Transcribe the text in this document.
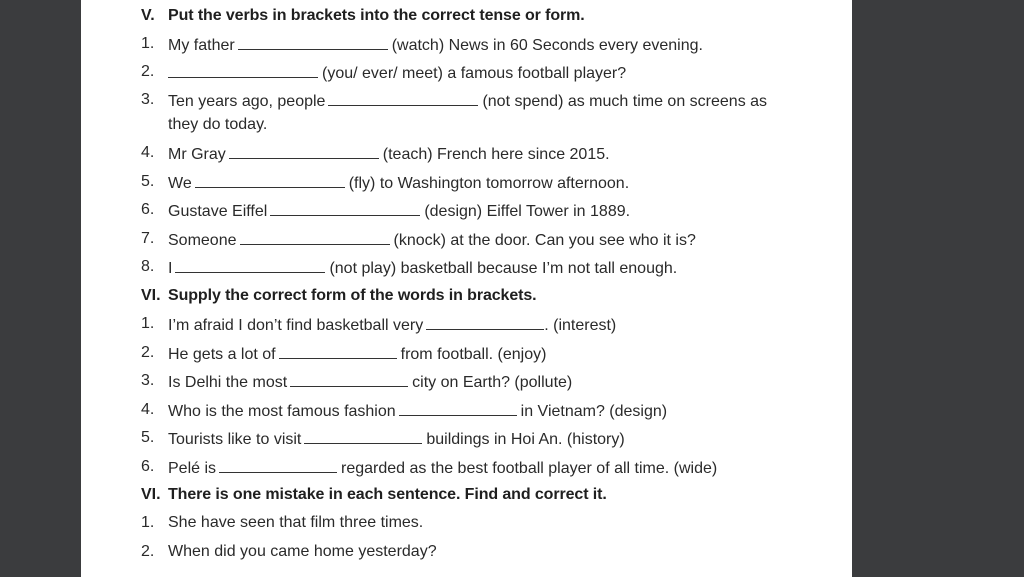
V. Put the verbs in brackets into the correct tense or form.
1. My father	(watch) News in 60 Seconds every evening.
2.	(you/ ever/ meet) a famous football player?
3. Ten years ago, people	(not spend) as much time on screens as
they do today.
4. Mr Gray	(teach) French here since 2015.
5. We	(fly) to Washington tomorrow afternoon.
6. Gustave Eiffel	(design) Eiffel Tower in 1889.
7. Someone	(knock) at the door. Can you see who it is?
8. I	(not play) basketball because I’m not tall enough.
VI. Supply the correct form of the words in brackets.
1. I’m afraid I don’t find basketball very	. (interest)
2. He gets a lot of	from football. (enjoy)
3. Is Delhi the most	city on Earth? (pollute)
4. Who is the most famous fashion	in Vietnam? (design)
5. Tourists like to visit	buildings in Hoi An. (history)
6. Pelé is	regarded as the best football player of all time. (wide)
VI. There is one mistake in each sentence. Find and correct it.
1. She have seen that film three times.
2. When did you came home yesterday?
